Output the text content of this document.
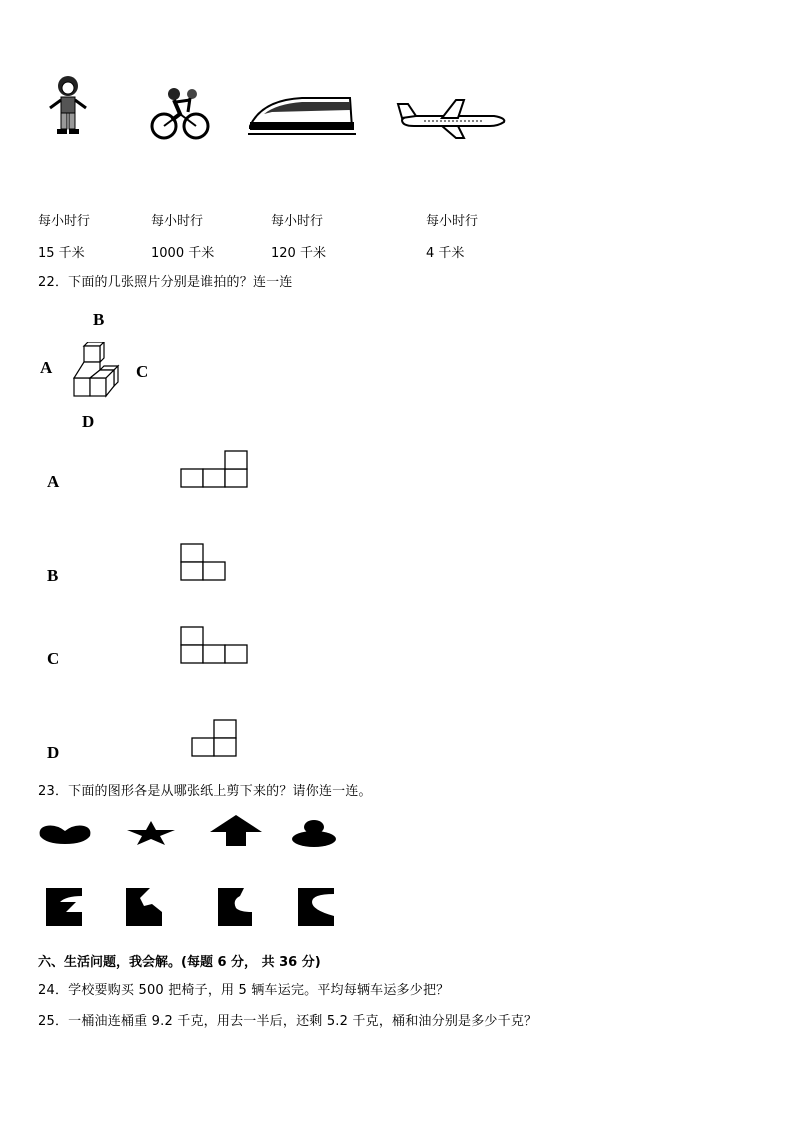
每小时行	每小时行	每小时行	每小时行
15 千米	1000 千米	120 千米	4 千米
22．下面的几张照片分别是谁拍的？连一连
B
A	C
D
A
B
C
D
23．下面的图形各是从哪张纸上剪下来的？请你连一连。
六、生活问题，我会解。(每题 6 分， 共 36 分)
24．学校要购买 500 把椅子，用 5 辆车运完。平均每辆车运多少把？
25．一桶油连桶重 9.2 千克，用去一半后，还剩 5.2 千克，桶和油分别是多少千克？
